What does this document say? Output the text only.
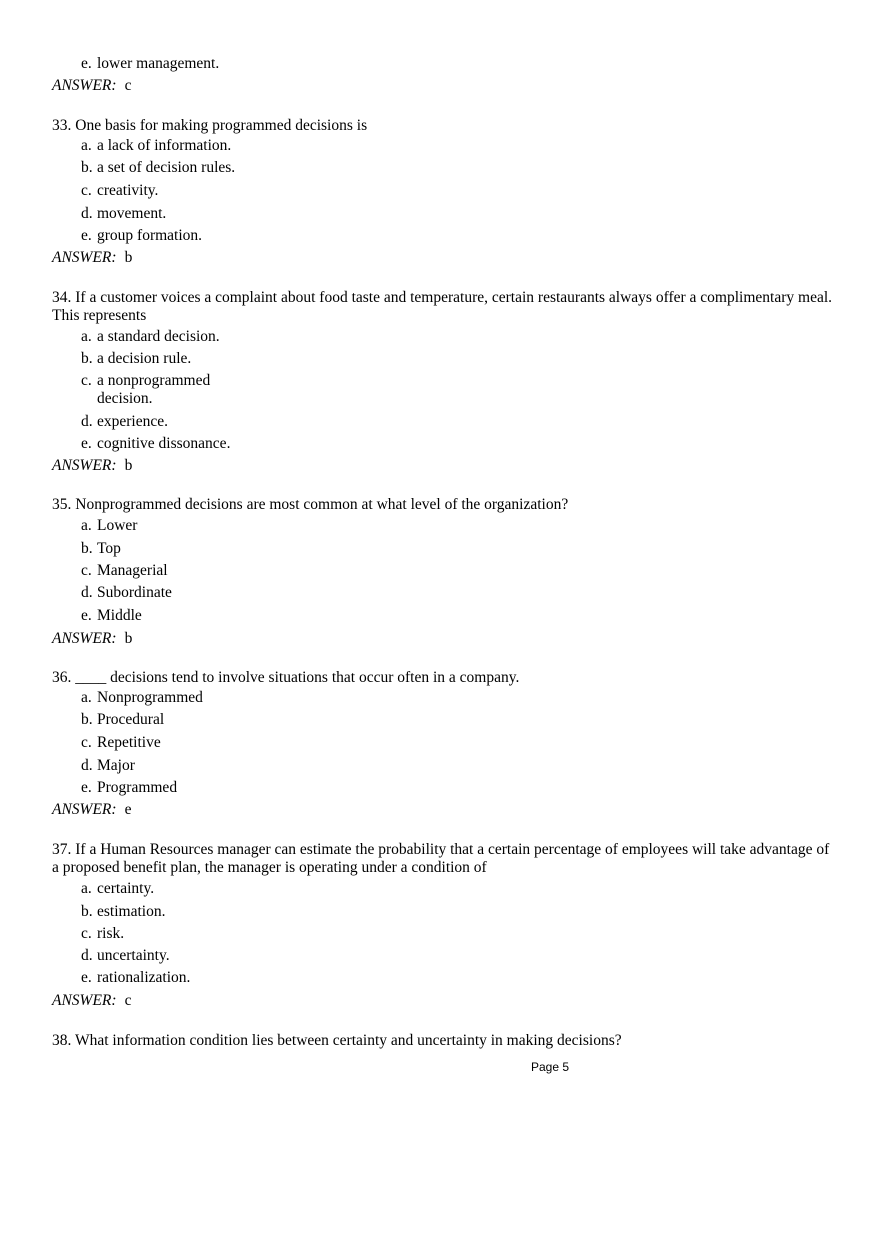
e. lower management.
ANSWER: c
33. One basis for making programmed decisions is
a. a lack of information.
b. a set of decision rules.
c. creativity.
d. movement.
e. group formation.
ANSWER: b
34. If a customer voices a complaint about food taste and temperature, certain restaurants always offer a complimentary meal. This represents
a. a standard decision.
b. a decision rule.
c. a nonprogrammed
decision.
d. experience.
e. cognitive dissonance.
ANSWER: b
35. Nonprogrammed decisions are most common at what level of the organization?
a. Lower
b. Top
c. Managerial
d. Subordinate
e. Middle
ANSWER: b
36. ____ decisions tend to involve situations that occur often in a company.
a. Nonprogrammed
b. Procedural
c. Repetitive
d. Major
e. Programmed
ANSWER: e
37. If a Human Resources manager can estimate the probability that a certain percentage of employees will take advantage of a proposed benefit plan, the manager is operating under a condition of
a. certainty.
b. estimation.
c. risk.
d. uncertainty.
e. rationalization.
ANSWER: c
38. What information condition lies between certainty and uncertainty in making decisions?
Page 5
